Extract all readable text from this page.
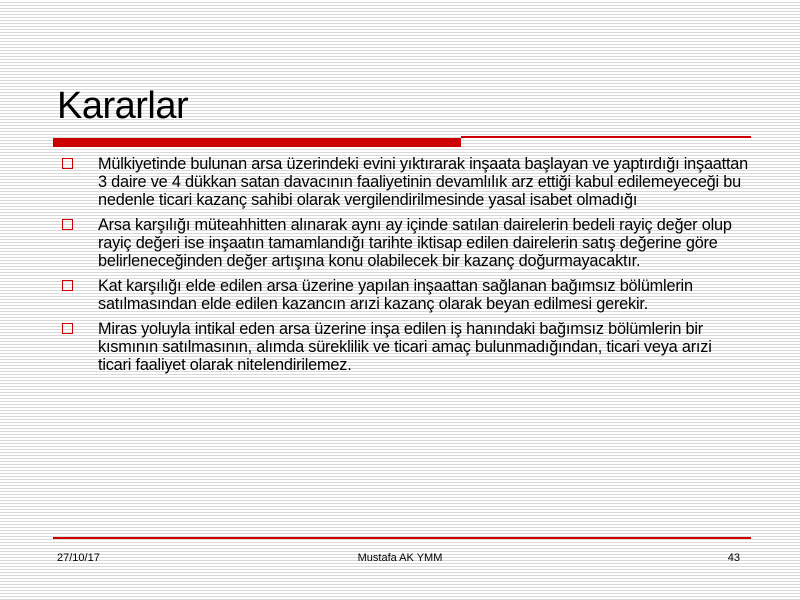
Kararlar
Mülkiyetinde bulunan arsa üzerindeki evini yıktırarak inşaata başlayan ve yaptırdığı inşaattan 3 daire ve 4 dükkan satan davacının faaliyetinin devamlılık arz ettiği kabul edilemeyeceği bu nedenle ticari kazanç sahibi olarak vergilendirilmesinde yasal isabet olmadığı
Arsa karşılığı müteahhitten alınarak aynı ay içinde satılan dairelerin bedeli rayiç değer olup rayiç değeri ise inşaatın tamamlandığı tarihte iktisap edilen dairelerin satış değerine göre belirleneceğinden değer artışına konu olabilecek bir kazanç doğurmayacaktır.
Kat karşılığı elde edilen arsa üzerine yapılan inşaattan sağlanan bağımsız bölümlerin satılmasından elde edilen kazancın arızi kazanç olarak beyan edilmesi gerekir.
Miras yoluyla intikal eden arsa üzerine inşa edilen iş hanındaki bağımsız bölümlerin bir kısmının satılmasının, alımda süreklilik ve ticari amaç bulunmadığından, ticari veya arızi ticari faaliyet olarak nitelendirilemez.
27/10/17	Mustafa AK YMM	43
